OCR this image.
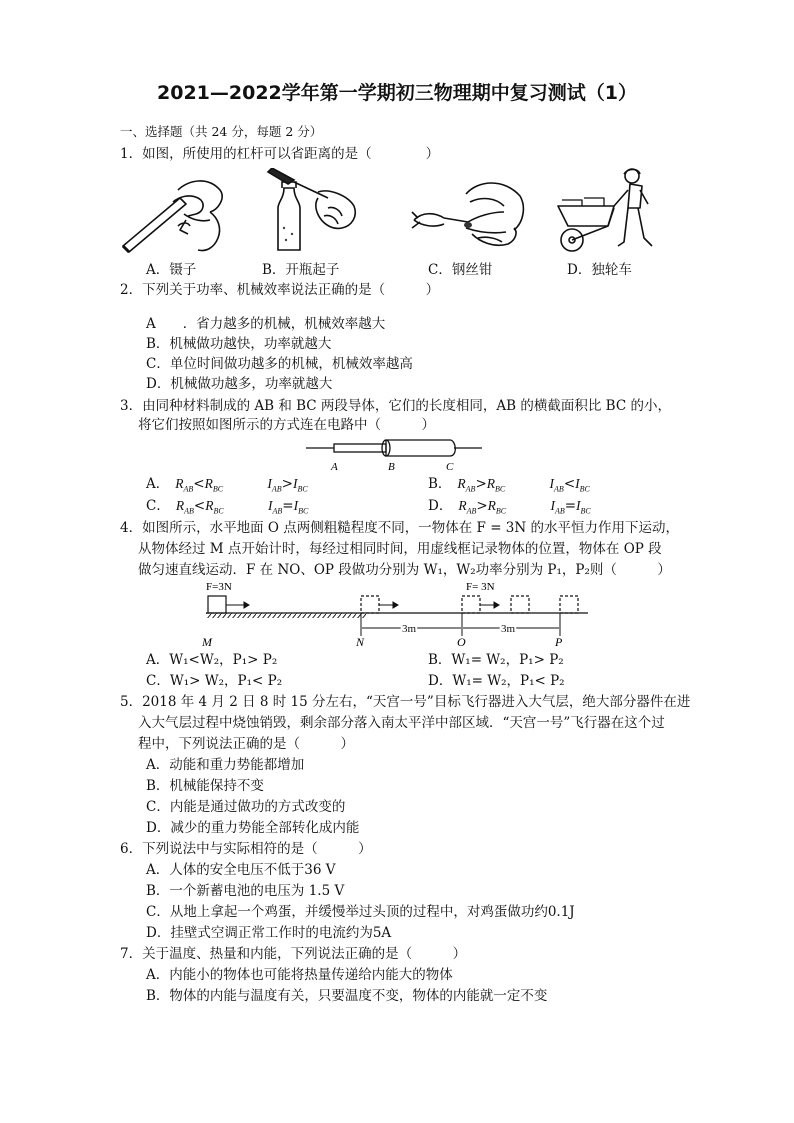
2021—2022学年第一学期初三物理期中复习测试（1）
一、选择题（共 24 分，每题 2 分）
1．如图，所使用的杠杆可以省距离的是（　　　　）
A．镊子	B．开瓶起子	C．钢丝钳	D．独轮车
2．下列关于功率、机械效率说法正确的是（　　　）
A　　．省力越多的机械，机械效率越大
B．机械做功越快，功率就越大
C．单位时间做功越多的机械，机械效率越高
D．机械做功越多，功率就越大
3．由同种材料制成的 AB 和 BC 两段导体，它们的长度相同，AB 的横截面积比 BC 的小，
将它们按照如图所示的方式连在电路中（　　　）
A	B	C
A． $R_{AB}<R_{BC}$	$I_{AB}>I_{BC}$	B． $R_{AB}>R_{BC}$	$I_{AB}<I_{BC}$
C． $R_{AB}<R_{BC}$	$I_{AB}=I_{BC}$	D． $R_{AB}>R_{BC}$	$I_{AB}=I_{BC}$
4．如图所示，水平地面 O 点两侧粗糙程度不同，一物体在 F = 3N 的水平恒力作用下运动，
从物体经过 M 点开始计时，每经过相同时间，用虚线框记录物体的位置，物体在 OP 段
做匀速直线运动．F 在 NO、OP 段做功分别为 W₁，W₂功率分别为 P₁，P₂则（　　　）
F=3N	F= 3N
3m	3m
M	N	O	P
A．W₁<W₂，P₁> P₂	B．W₁= W₂，P₁> P₂
C．W₁> W₂，P₁< P₂	D．W₁= W₂，P₁< P₂
5．2018 年 4 月 2 日 8 时 15 分左右，“天宫一号”目标飞行器进入大气层，绝大部分器件在进
入大气层过程中烧蚀销毁，剩余部分落入南太平洋中部区域．“天宫一号”飞行器在这个过
程中，下列说法正确的是（　　　）
A．动能和重力势能都增加
B．机械能保持不变
C．内能是通过做功的方式改变的
D．减少的重力势能全部转化成内能
6．下列说法中与实际相符的是（　　　）
A．人体的安全电压不低于36 V
B．一个新蓄电池的电压为 1.5 V
C．从地上拿起一个鸡蛋，并缓慢举过头顶的过程中，对鸡蛋做功约0.1J
D．挂壁式空调正常工作时的电流约为5A
7．关于温度、热量和内能，下列说法正确的是（　　　）
A．内能小的物体也可能将热量传递给内能大的物体
B．物体的内能与温度有关，只要温度不变，物体的内能就一定不变
